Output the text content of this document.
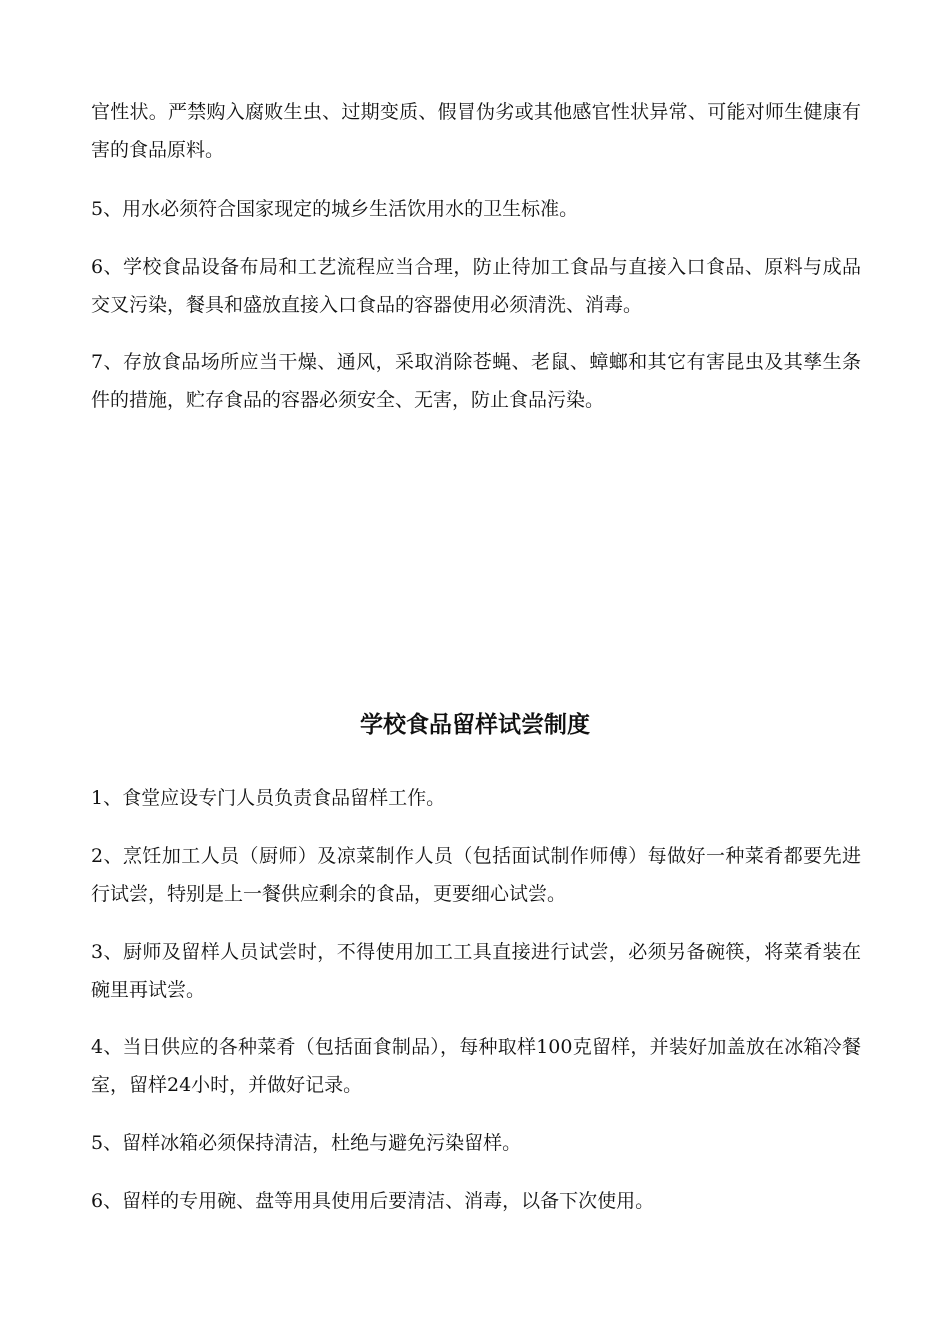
官性状。严禁购入腐败生虫、过期变质、假冒伪劣或其他感官性状异常、可能对师生健康有害的食品原料。

5、用水必须符合国家现定的城乡生活饮用水的卫生标准。

6、学校食品设备布局和工艺流程应当合理，防止待加工食品与直接入口食品、原料与成品交叉污染，餐具和盛放直接入口食品的容器使用必须清洗、消毒。

7、存放食品场所应当干燥、通风，采取消除苍蝇、老鼠、蟑螂和其它有害昆虫及其孳生条件的措施，贮存食品的容器必须安全、无害，防止食品污染。

学校食品留样试尝制度

1、食堂应设专门人员负责食品留样工作。

2、烹饪加工人员（厨师）及凉菜制作人员（包括面试制作师傅）每做好一种菜肴都要先进行试尝，特别是上一餐供应剩余的食品，更要细心试尝。

3、厨师及留样人员试尝时，不得使用加工工具直接进行试尝，必须另备碗筷，将菜肴装在碗里再试尝。

4、当日供应的各种菜肴（包括面食制品），每种取样100克留样，并装好加盖放在冰箱冷餐室，留样24小时，并做好记录。

5、留样冰箱必须保持清洁，杜绝与避免污染留样。

6、留样的专用碗、盘等用具使用后要清洁、消毒，以备下次使用。
